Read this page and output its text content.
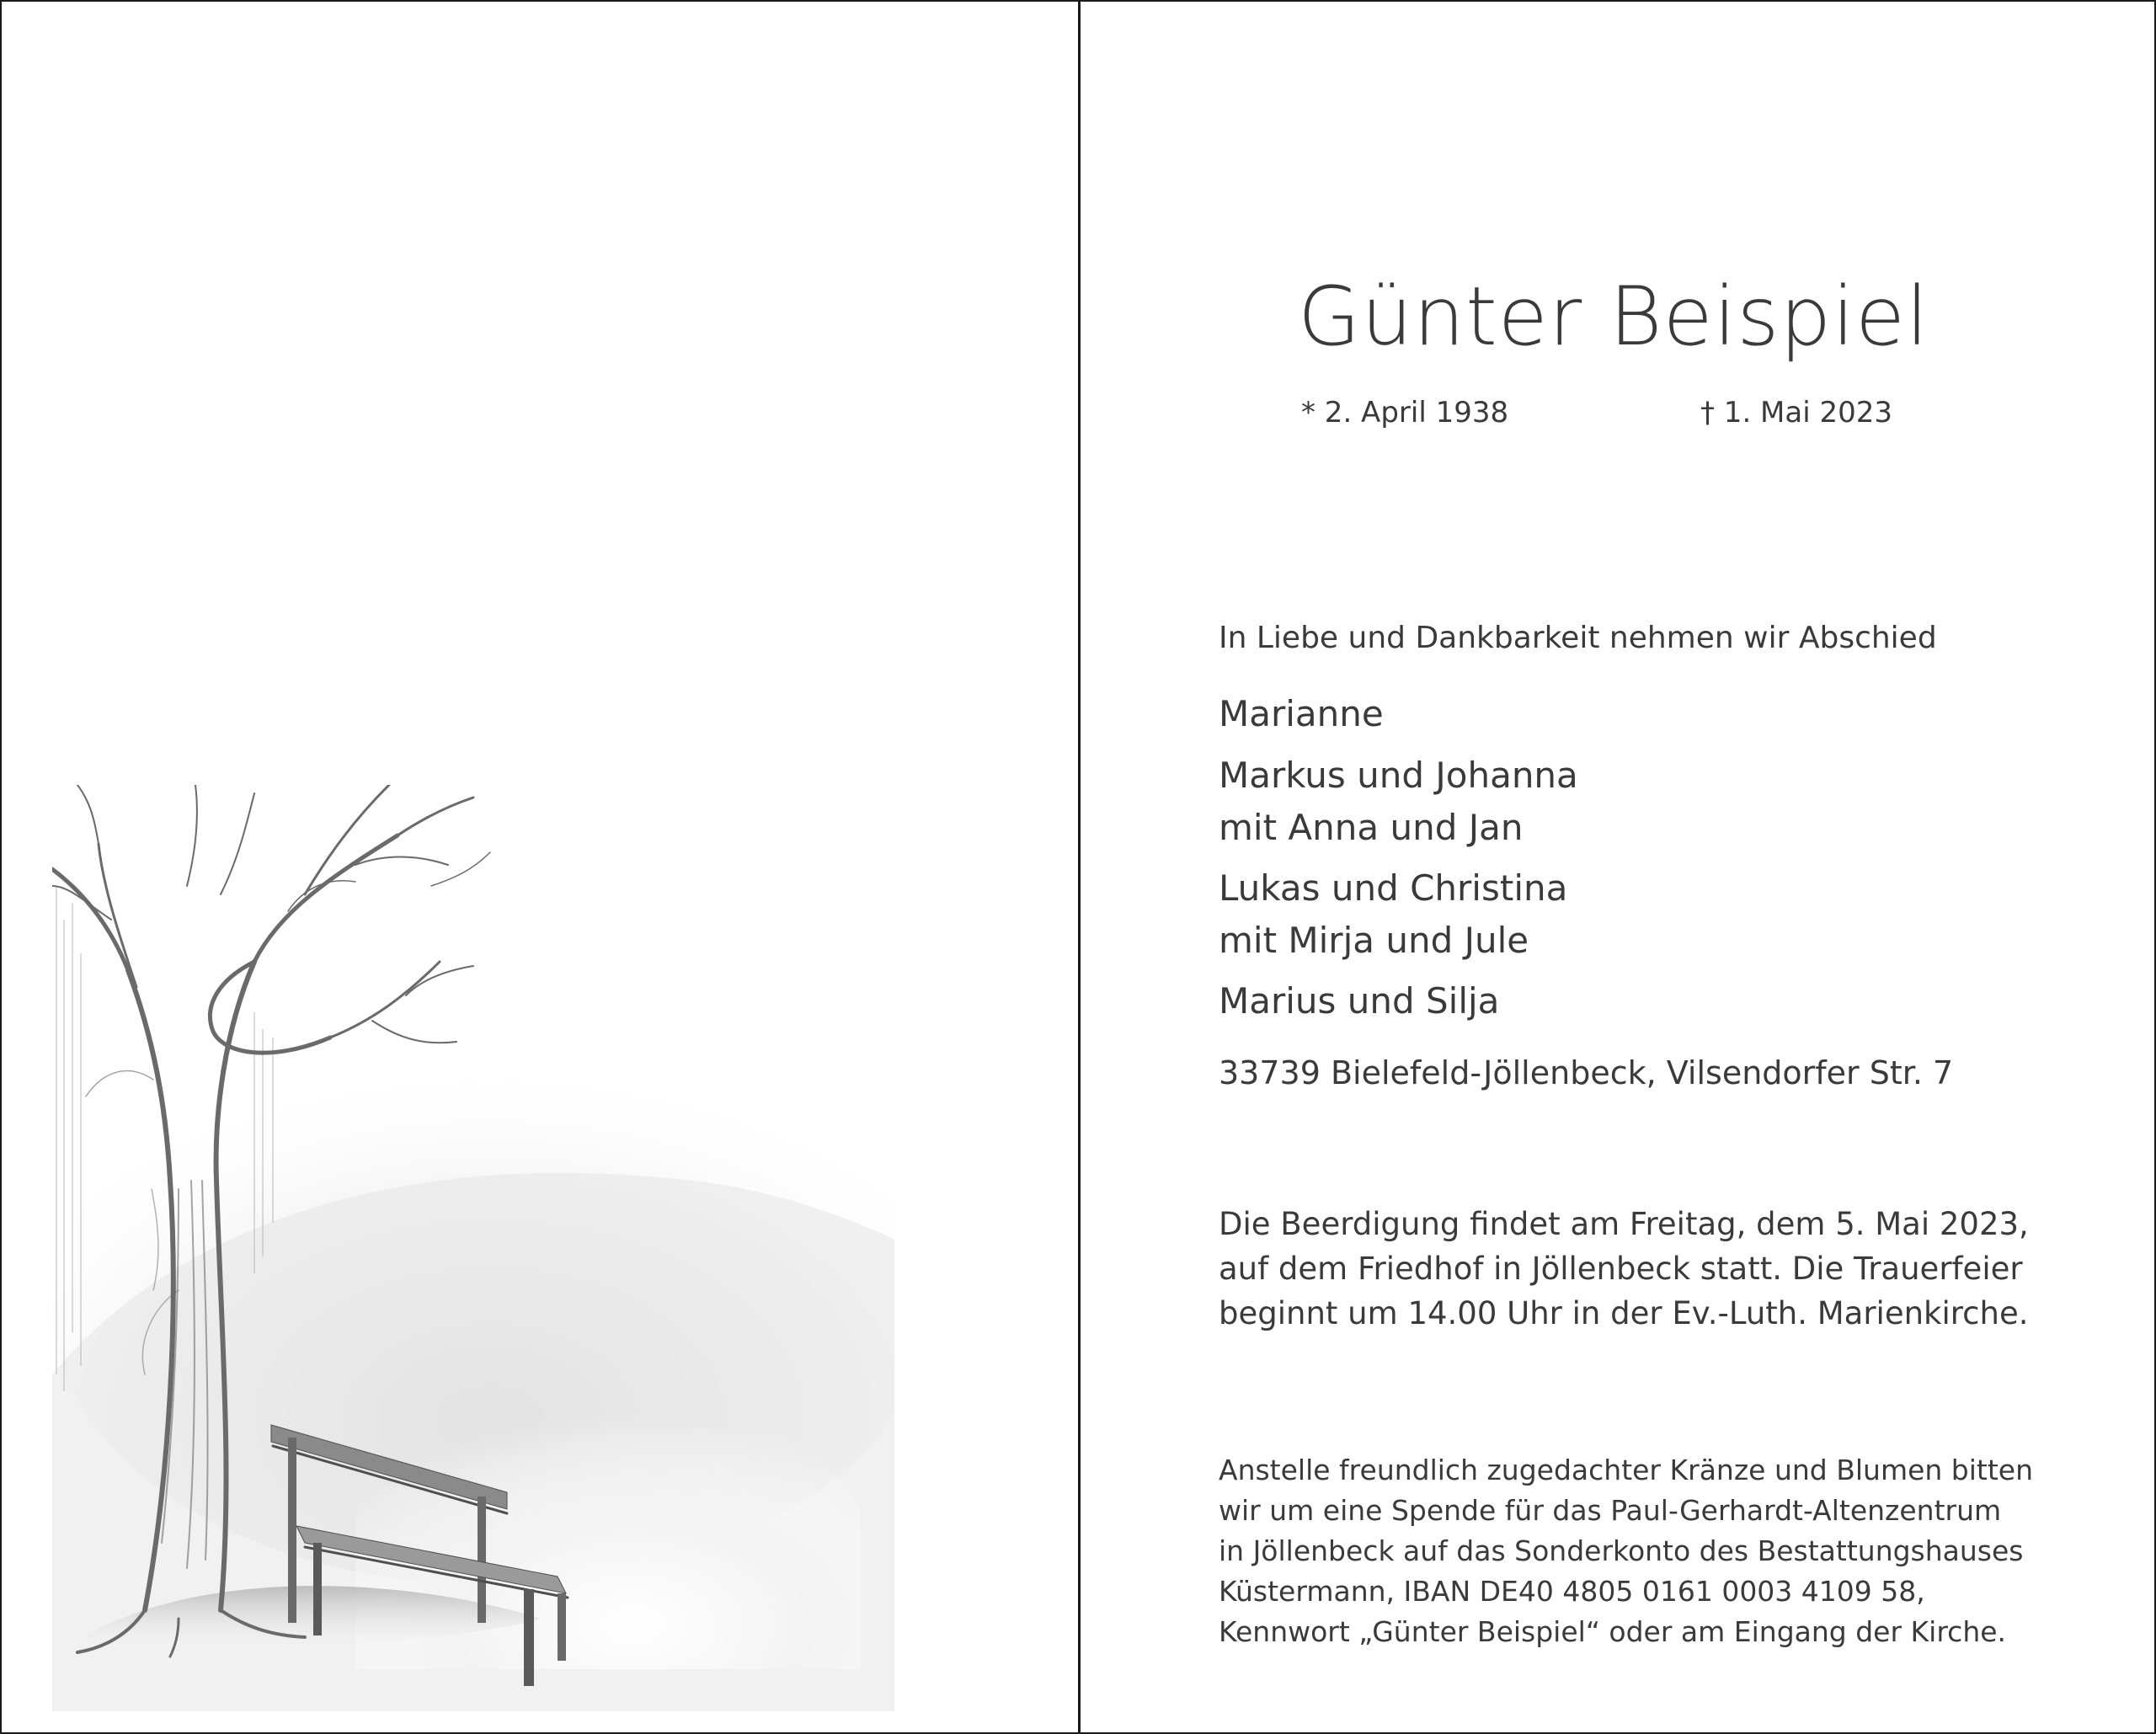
Günter Beispiel
* 2. April 1938	† 1. Mai 2023
In Liebe und Dankbarkeit nehmen wir Abschied
Marianne
Markus und Johanna
mit Anna und Jan
Lukas und Christina
mit Mirja und Jule
Marius und Silja
33739 Bielefeld-Jöllenbeck, Vilsendorfer Str. 7
Die Beerdigung findet am Freitag, dem 5. Mai 2023,
auf dem Friedhof in Jöllenbeck statt. Die Trauerfeier
beginnt um 14.00 Uhr in der Ev.-Luth. Marienkirche.
Anstelle freundlich zugedachter Kränze und Blumen bitten
wir um eine Spende für das Paul-Gerhardt-Altenzentrum
in Jöllenbeck auf das Sonderkonto des Bestattungshauses
Küstermann, IBAN DE40 4805 0161 0003 4109 58,
Kennwort „Günter Beispiel“ oder am Eingang der Kirche.
